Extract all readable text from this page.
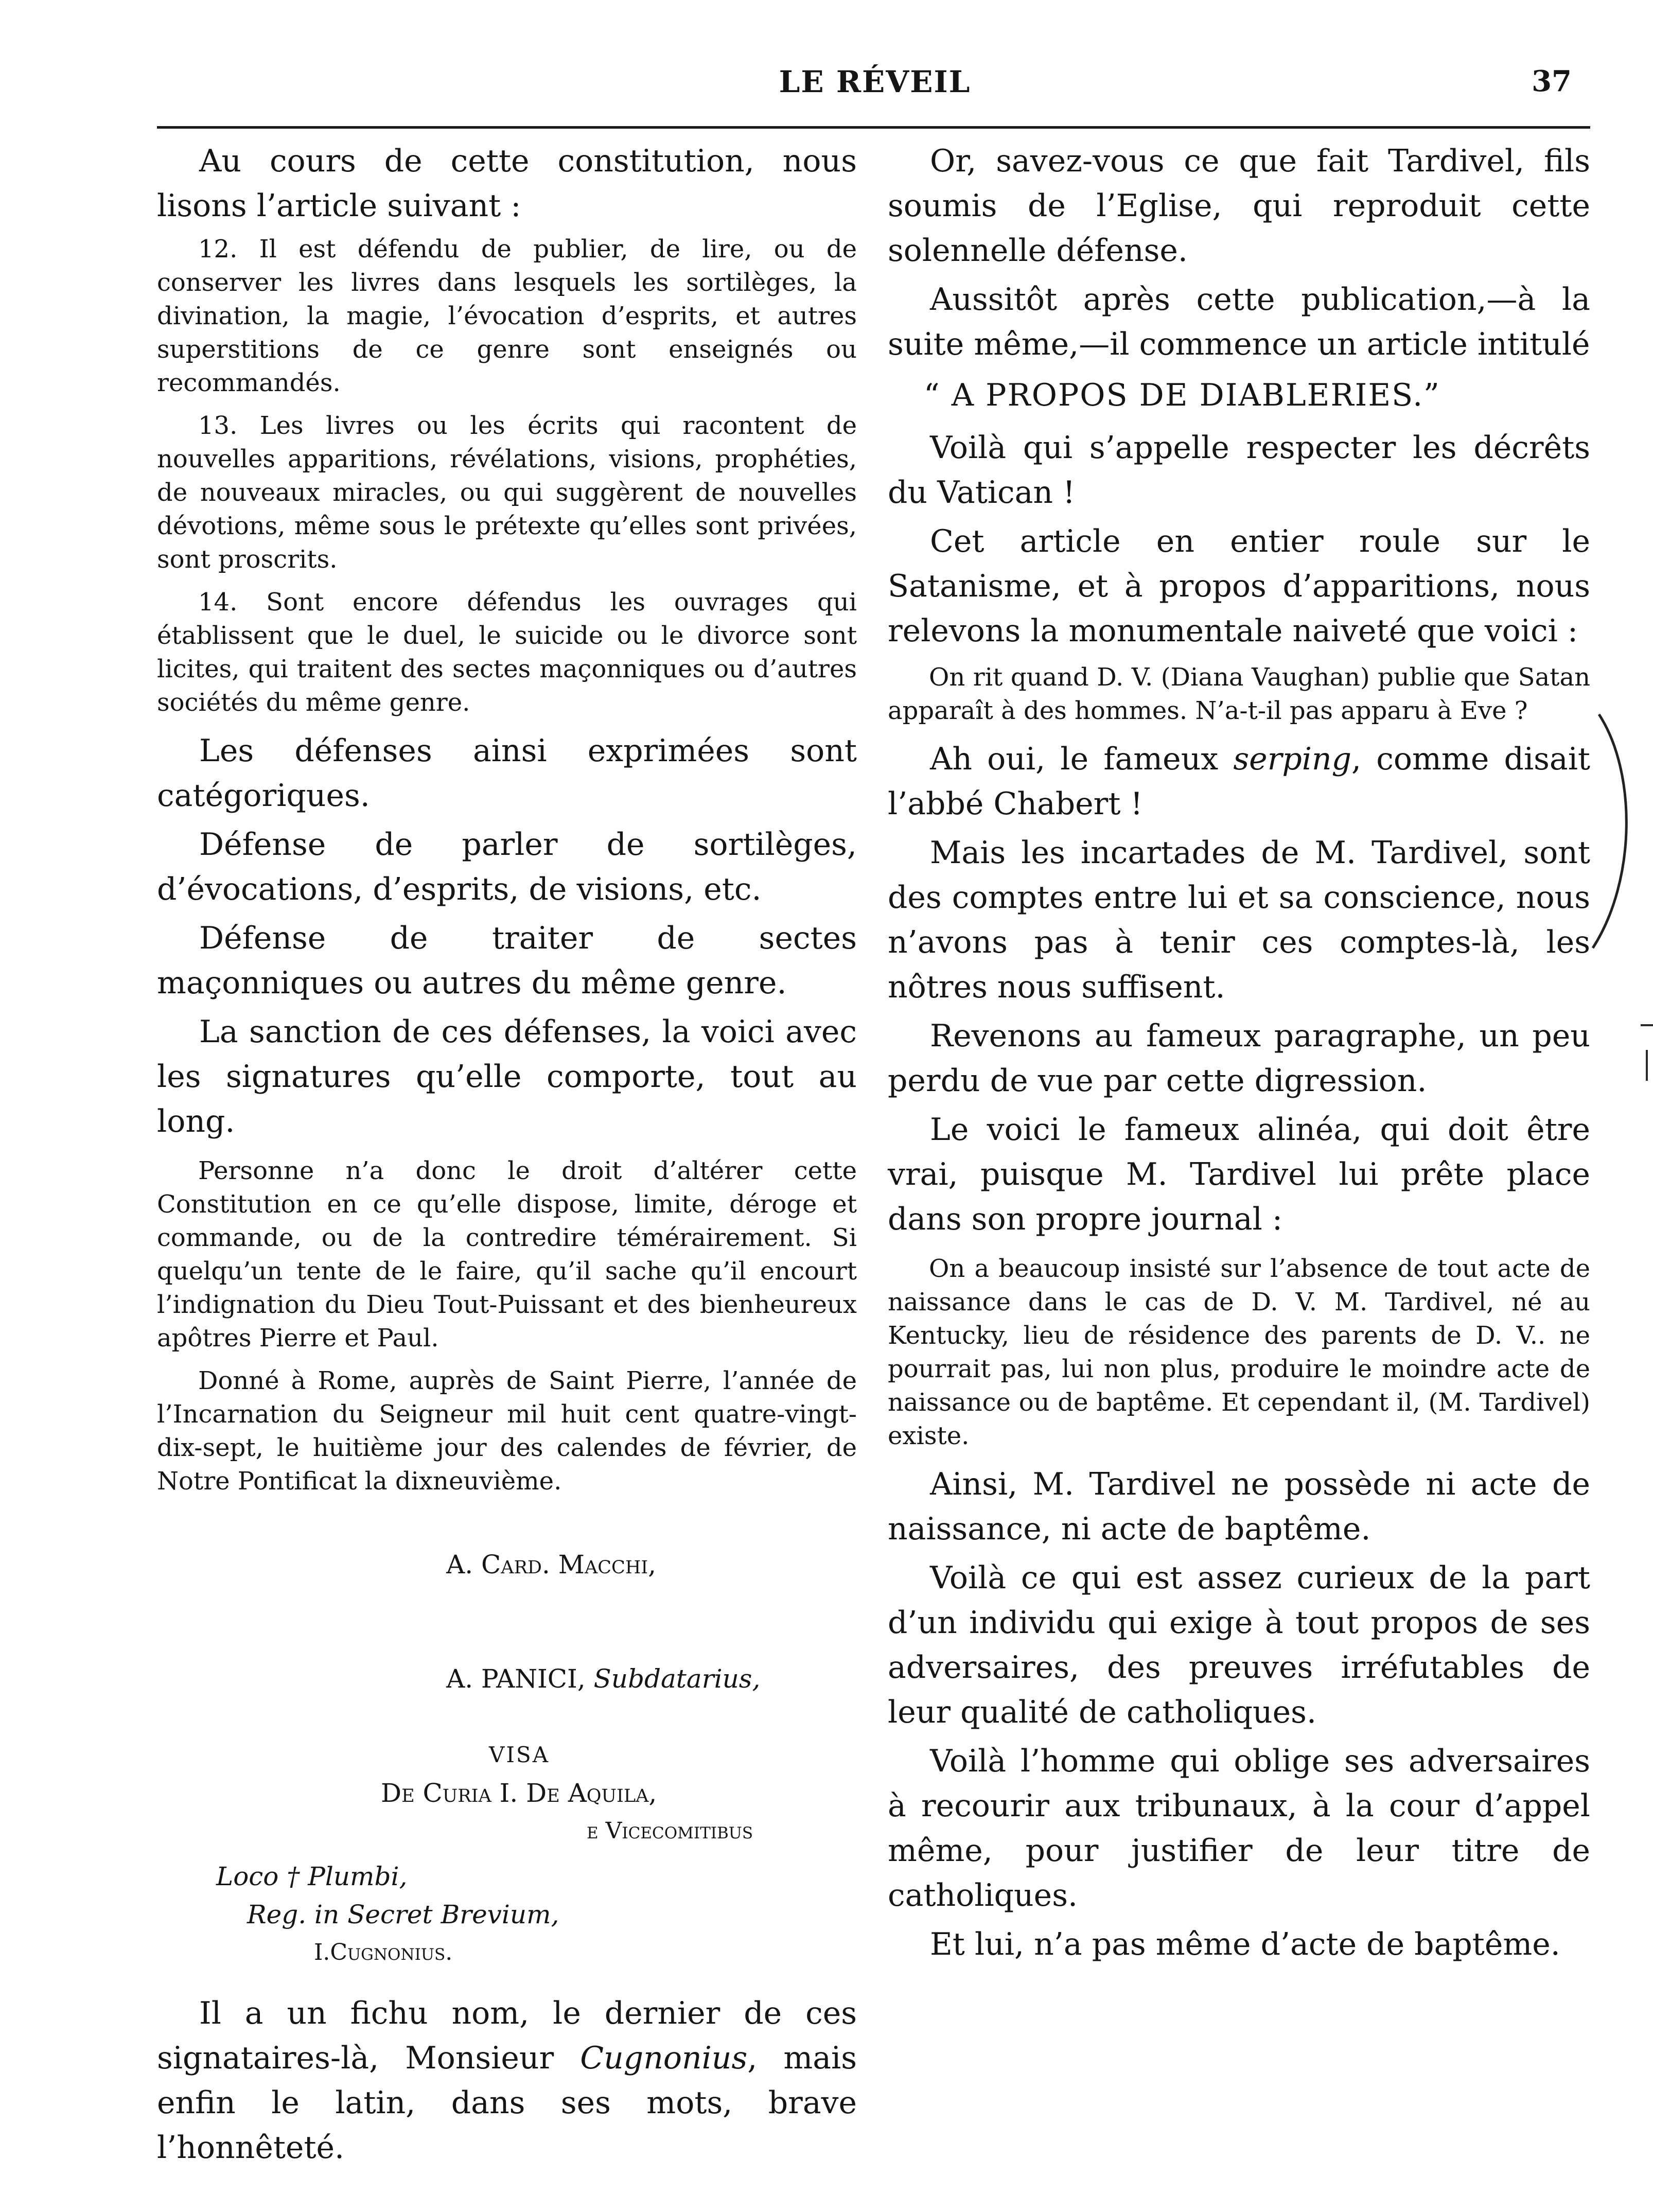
LE RÉVEIL	37

Au cours de cette constitution, nous lisons l’article suivant :

12. Il est défendu de publier, de lire, ou de conserver les livres dans lesquels les sortilèges, la divination, la magie, l’évocation d’esprits, et autres superstitions de ce genre sont enseignés ou recommandés.

13. Les livres ou les écrits qui racontent de nouvelles apparitions, révélations, visions, prophéties, de nouveaux miracles, ou qui suggèrent de nouvelles dévotions, même sous le prétexte qu’elles sont privées, sont proscrits.

14. Sont encore défendus les ouvrages qui établissent que le duel, le suicide ou le divorce sont licites, qui traitent des sectes maçonniques ou d’autres sociétés du même genre.

Les défenses ainsi exprimées sont catégoriques.

Défense de parler de sortilèges, d’évocations, d’esprits, de visions, etc.

Défense de traiter de sectes maçonniques ou autres du même genre.

La sanction de ces défenses, la voici avec les signatures qu’elle comporte, tout au long.

Personne n’a donc le droit d’altérer cette Constitution en ce qu’elle dispose, limite, déroge et commande, ou de la contredire témérairement. Si quelqu’un tente de le faire, qu’il sache qu’il encourt l’indignation du Dieu Tout-Puissant et des bienheureux apôtres Pierre et Paul.

Donné à Rome, auprès de Saint Pierre, l’année de l’Incarnation du Seigneur mil huit cent quatre-vingt-dix-sept, le huitième jour des calendes de février, de Notre Pontificat la dixneuvième.

A. Card. Macchi,

A. PANICI, Subdatarius,

VISA

De Curia I. De Aquila,

e Vicecomitibus

Loco † Plumbi,

Reg. in Secret Brevium,

I.Cugnonius.

Il a un fichu nom, le dernier de ces signataires-là, Monsieur Cugnonius, mais enfin le latin, dans ses mots, brave l’honnêteté.

Or, savez-vous ce que fait Tardivel, fils soumis de l’Eglise, qui reproduit cette solennelle défense.

Aussitôt après cette publication,—à la suite même,—il commence un article intitulé

“ A PROPOS DE DIABLERIES.”

Voilà qui s’appelle respecter les décrêts du Vatican !

Cet article en entier roule sur le Satanisme, et à propos d’apparitions, nous relevons la monumentale naiveté que voici :

On rit quand D. V. (Diana Vaughan) publie que Satan apparaît à des hommes. N’a-t-il pas apparu à Eve ?

Ah oui, le fameux serping, comme disait l’abbé Chabert !

Mais les incartades de M. Tardivel, sont des comptes entre lui et sa conscience, nous n’avons pas à tenir ces comptes-là, les nôtres nous suffisent.

Revenons au fameux paragraphe, un peu perdu de vue par cette digression.

Le voici le fameux alinéa, qui doit être vrai, puisque M. Tardivel lui prête place dans son propre journal :

On a beaucoup insisté sur l’absence de tout acte de naissance dans le cas de D. V. M. Tardivel, né au Kentucky, lieu de résidence des parents de D. V.. ne pourrait pas, lui non plus, produire le moindre acte de naissance ou de baptême. Et cependant il, (M. Tardivel) existe.

Ainsi, M. Tardivel ne possède ni acte de naissance, ni acte de baptême.

Voilà ce qui est assez curieux de la part d’un individu qui exige à tout propos de ses adversaires, des preuves irréfutables de leur qualité de catholiques.

Voilà l’homme qui oblige ses adversaires à recourir aux tribunaux, à la cour d’appel même, pour justifier de leur titre de catholiques.

Et lui, n’a pas même d’acte de baptême.
